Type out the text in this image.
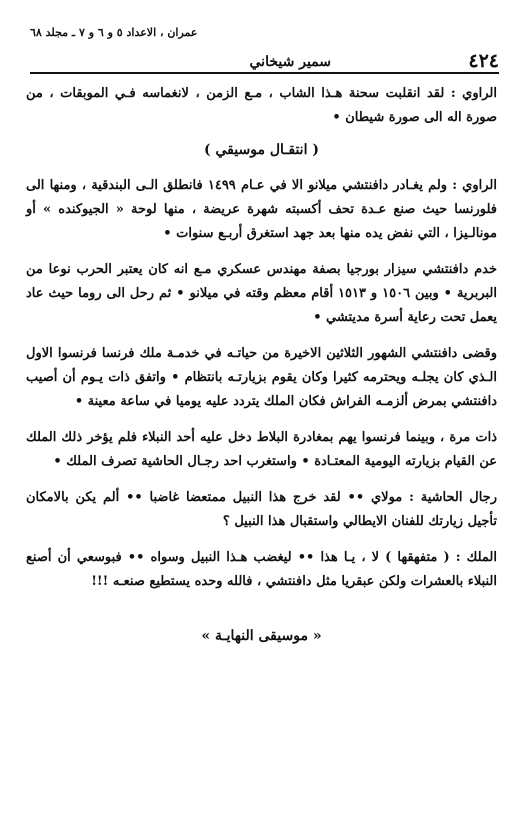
٤٢٤
سمير شيخاني
عمران ، الاعداد ٥ و ٦ و ٧ ـ مجلد ٦٨

الراوي : لقد انقلبت سحنة هـذا الشاب ، مـع الزمن ، لانغماسه فـي الموبقات ، من صورة اله الى صورة شيطان •

( انتقـال موسيقي )

الراوي : ولم يغـادر دافنتشي ميلانو الا في عـام ١٤٩٩ فانطلق الـى البندقية ، ومنها الى فلورنسا حيث صنع عـدة تحف أكسبته شهرة عريضة ، منها لوحة « الجيوكنده » أو مونالـيزا ، التي نفض يده منها بعد جهد استغرق أربـع سنوات •

خدم دافنتشي سيزار بورجيا بصفة مهندس عسكري مـع انه كان يعتبر الحرب نوعا من البربرية • وبين ١٥٠٦ و ١٥١٣ أقام معظم وقته في ميلانو • ثم رحل الى روما حيث عاد يعمل تحت رعاية أسرة مديتشي •

وقضى دافنتشي الشهور الثلاثين الاخيرة من حياتـه في خدمـة ملك فرنسا فرنسوا الاول الـذي كان يجلـه ويحترمه كثيرا وكان يقوم بزيارتـه بانتظام • واتفق ذات يـوم أن أصيب دافنتشي بمرض ألزمـه الفراش فكان الملك يتردد عليه يوميا في ساعة معينة •

ذات مرة ، وبينما فرنسوا يهم بمغادرة البلاط دخل عليه أحد النبلاء فلم يؤخر ذلك الملك عن القيام بزيارته اليومية المعتـادة • واستغرب احد رجـال الحاشية تصرف الملك •

رجال الحاشية : مولاي •• لقد خرج هذا النبيل ممتعضا غاضبا •• ألم يكن بالامكان تأجيل زيارتك للفنان الايطالي واستقبال هذا النبيل ؟

الملك : ( متفهقها ) لا ، يـا هذا •• ليغضب هـذا النبيل وسواه •• فبوسعي أن أصنع النبلاء بالعشرات ولكن عبقريا مثل دافنتشي ، فالله وحده يستطيع صنعـه !!!

« موسيقى النهايـة »
